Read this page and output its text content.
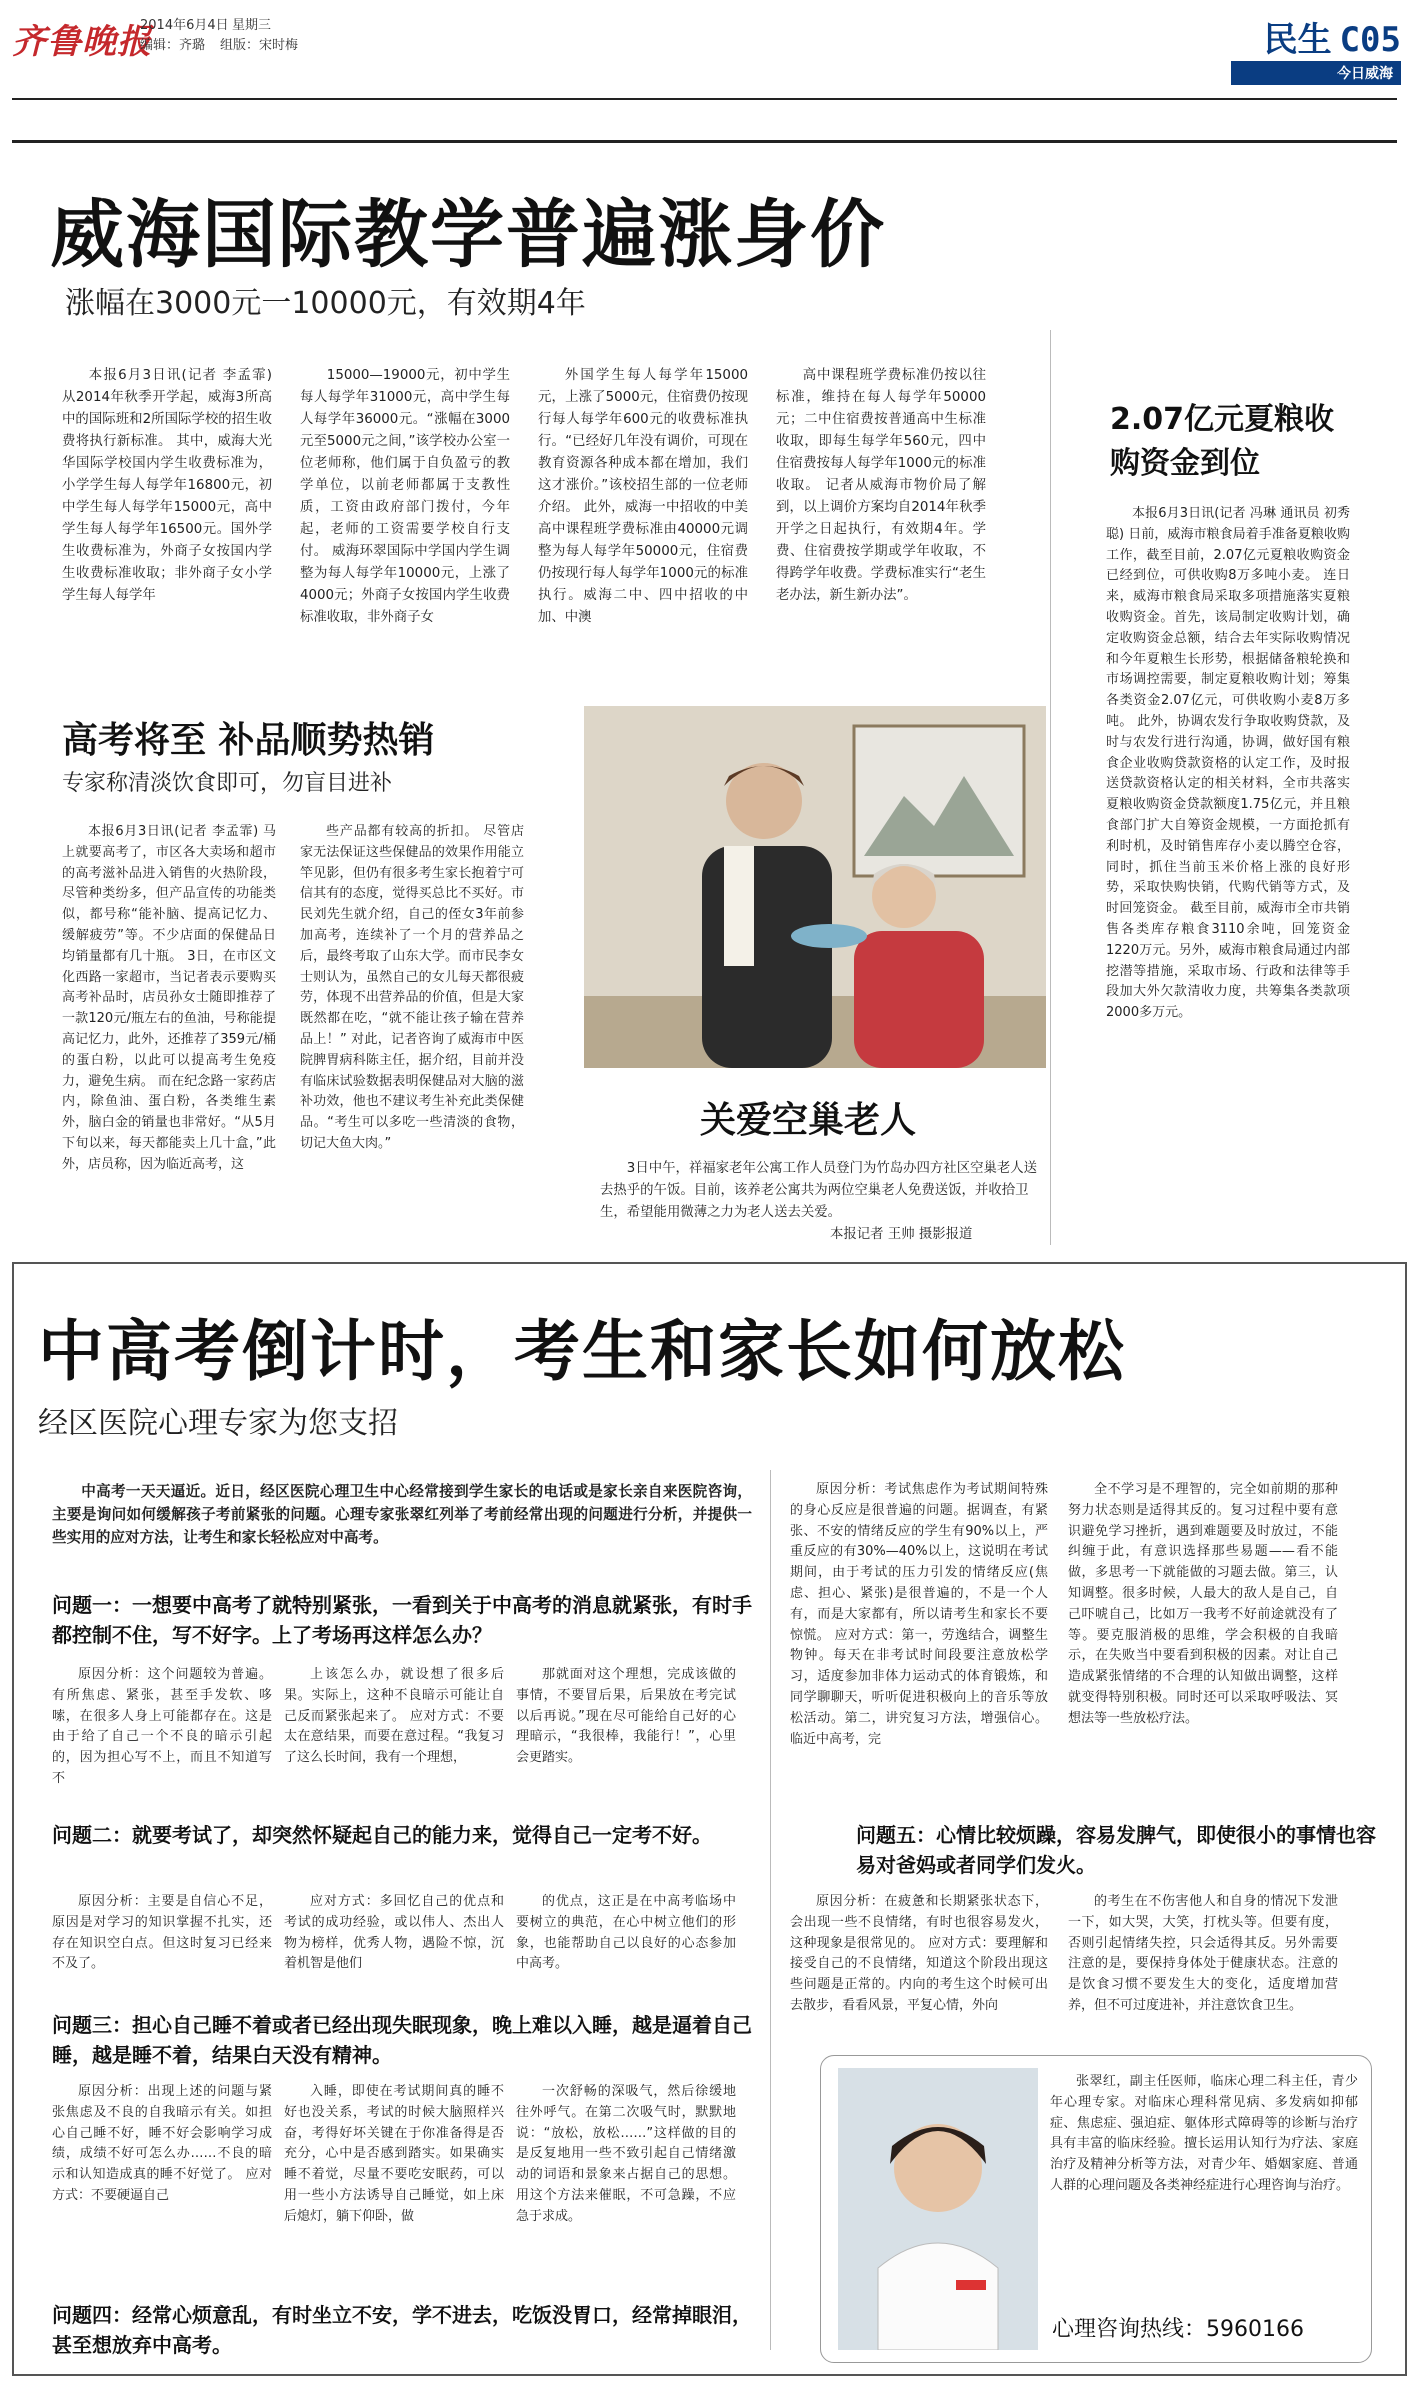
齐鲁晚报
2014年6月4日 星期三
编辑：齐璐 组版：宋时梅	民生 C05
今日威海
威海国际教学普遍涨身价
涨幅在3000元一10000元，有效期4年

本报6月3日讯(记者 李孟霏) 从2014年秋季开学起，威海3所高中的国际班和2所国际学校的招生收费将执行新标准。 其中，威海大光华国际学校国内学生收费标准为，小学学生每人每学年16800元，初中学生每人每学年15000元，高中学生每人每学年16500元。国外学生收费标准为，外商子女按国内学生收费标准收取；非外商子女小学学生每人每学年

15000—19000元，初中学生每人每学年31000元，高中学生每人每学年36000元。“涨幅在3000元至5000元之间，”该学校办公室一位老师称，他们属于自负盈亏的教学单位，以前老师都属于支教性质，工资由政府部门拨付，今年起，老师的工资需要学校自行支付。 威海环翠国际中学国内学生调整为每人每学年10000元，上涨了4000元；外商子女按国内学生收费标准收取，非外商子女

外国学生每人每学年15000元，上涨了5000元，住宿费仍按现行每人每学年600元的收费标准执行。“已经好几年没有调价，可现在教育资源各种成本都在增加，我们这才涨价。”该校招生部的一位老师介绍。 此外，威海一中招收的中美高中课程班学费标准由40000元调整为每人每学年50000元，住宿费仍按现行每人每学年1000元的标准执行。威海二中、四中招收的中加、中澳

高中课程班学费标准仍按以往标准，维持在每人每学年50000元；二中住宿费按普通高中生标准收取，即每生每学年560元，四中住宿费按每人每学年1000元的标准收取。 记者从威海市物价局了解到，以上调价方案均自2014年秋季开学之日起执行，有效期4年。学费、住宿费按学期或学年收取，不得跨学年收费。学费标准实行“老生老办法，新生新办法”。

2.07亿元夏粮收购资金到位

本报6月3日讯(记者 冯琳 通讯员 初秀聪) 日前，威海市粮食局着手准备夏粮收购工作，截至目前，2.07亿元夏粮收购资金已经到位，可供收购8万多吨小麦。 连日来，威海市粮食局采取多项措施落实夏粮收购资金。首先，该局制定收购计划，确定收购资金总额，结合去年实际收购情况和今年夏粮生长形势，根据储备粮轮换和市场调控需要，制定夏粮收购计划；筹集各类资金2.07亿元，可供收购小麦8万多吨。 此外，协调农发行争取收购贷款，及时与农发行进行沟通，协调，做好国有粮食企业收购贷款资格的认定工作，及时报送贷款资格认定的相关材料，全市共落实夏粮收购资金贷款额度1.75亿元，并且粮食部门扩大自筹资金规模，一方面抢抓有利时机，及时销售库存小麦以腾空仓容，同时，抓住当前玉米价格上涨的良好形势，采取快购快销，代购代销等方式，及时回笼资金。 截至目前，威海市全市共销售各类库存粮食3110余吨，回笼资金1220万元。另外，威海市粮食局通过内部挖潜等措施，采取市场、行政和法律等手段加大外欠款清收力度，共筹集各类款项2000多万元。

高考将至 补品顺势热销
专家称清淡饮食即可，勿盲目进补

本报6月3日讯(记者 李孟霏) 马上就要高考了，市区各大卖场和超市的高考滋补品进入销售的火热阶段，尽管种类纷多，但产品宣传的功能类似，都号称“能补脑、提高记忆力、缓解疲劳”等。不少店面的保健品日均销量都有几十瓶。 3日，在市区文化西路一家超市，当记者表示要购买高考补品时，店员孙女士随即推荐了一款120元/瓶左右的鱼油，号称能提高记忆力，此外，还推荐了359元/桶的蛋白粉，以此可以提高考生免疫力，避免生病。 而在纪念路一家药店内，除鱼油、蛋白粉，各类维生素外，脑白金的销量也非常好。“从5月下旬以来，每天都能卖上几十盒，”此外，店员称，因为临近高考，这

些产品都有较高的折扣。 尽管店家无法保证这些保健品的效果作用能立竿见影，但仍有很多考生家长抱着宁可信其有的态度，觉得买总比不买好。市民刘先生就介绍，自己的侄女3年前参加高考，连续补了一个月的营养品之后，最终考取了山东大学。而市民李女士则认为，虽然自己的女儿每天都很疲劳，体现不出营养品的价值，但是大家既然都在吃，“就不能让孩子输在营养品上！” 对此，记者咨询了威海市中医院脾胃病科陈主任，据介绍，目前并没有临床试验数据表明保健品对大脑的滋补功效，他也不建议考生补充此类保健品。“考生可以多吃一些清淡的食物，切记大鱼大肉。”

关爱空巢老人
3日中午，祥福家老年公寓工作人员登门为竹岛办四方社区空巢老人送去热乎的午饭。目前，该养老公寓共为两位空巢老人免费送饭，并收拾卫生，希望能用微薄之力为老人送去关爱。
本报记者 王帅 摄影报道
中高考倒计时，考生和家长如何放松
经区医院心理专家为您支招

中高考一天天逼近。近日，经区医院心理卫生中心经常接到学生家长的电话或是家长亲自来医院咨询，主要是询问如何缓解孩子考前紧张的问题。心理专家张翠红列举了考前经常出现的问题进行分析，并提供一些实用的应对方法，让考生和家长轻松应对中高考。

问题一：一想要中高考了就特别紧张，一看到关于中高考的消息就紧张，有时手都控制不住，写不好字。上了考场再这样怎么办？

原因分析：这个问题较为普遍。有所焦虑、紧张，甚至手发软、哆嗦，在很多人身上可能都存在。这是由于给了自己一个不良的暗示引起的，因为担心写不上，而且不知道写不

上该怎么办，就设想了很多后果。实际上，这种不良暗示可能让自己反而紧张起来了。 应对方式：不要太在意结果，而要在意过程。“我复习了这么长时间，我有一个理想，

那就面对这个理想，完成该做的事情，不要冒后果，后果放在考完试以后再说。”现在尽可能给自己好的心理暗示，“我很棒，我能行！”，心里会更踏实。

问题二：就要考试了，却突然怀疑起自己的能力来，觉得自己一定考不好。

原因分析：主要是自信心不足，原因是对学习的知识掌握不扎实，还存在知识空白点。但这时复习已经来不及了。

应对方式：多回忆自己的优点和考试的成功经验，或以伟人、杰出人物为榜样，优秀人物，遇险不惊，沉着机智是他们

的优点，这正是在中高考临场中要树立的典范，在心中树立他们的形象，也能帮助自己以良好的心态参加中高考。

问题三：担心自己睡不着或者已经出现失眠现象，晚上难以入睡，越是逼着自己睡，越是睡不着，结果白天没有精神。

原因分析：出现上述的问题与紧张焦虑及不良的自我暗示有关。如担心自己睡不好，睡不好会影响学习成绩，成绩不好可怎么办……不良的暗示和认知造成真的睡不好觉了。 应对方式：不要硬逼自己

入睡，即使在考试期间真的睡不好也没关系，考试的时候大脑照样兴奋，考得好坏关键在于你准备得是否充分，心中是否感到踏实。如果确实睡不着觉，尽量不要吃安眠药，可以用一些小方法诱导自己睡觉，如上床后熄灯，躺下仰卧，做

一次舒畅的深吸气，然后徐缓地往外呼气。在第二次吸气时，默默地说：“放松，放松……”这样做的目的是反复地用一些不致引起自己情绪激动的词语和景象来占据自己的思想。用这个方法来催眠，不可急躁，不应急于求成。

问题四：经常心烦意乱，有时坐立不安，学不进去，吃饭没胃口，经常掉眼泪，甚至想放弃中高考。

原因分析：考试焦虑作为考试期间特殊的身心反应是很普遍的问题。据调查，有紧张、不安的情绪反应的学生有90%以上，严重反应的有30%—40%以上，这说明在考试期间，由于考试的压力引发的情绪反应(焦虑、担心、紧张)是很普遍的，不是一个人有，而是大家都有，所以请考生和家长不要惊慌。 应对方式：第一，劳逸结合，调整生物钟。每天在非考试时间段要注意放松学习，适度参加非体力运动式的体育锻炼，和同学聊聊天，听听促进积极向上的音乐等放松活动。第二，讲究复习方法，增强信心。临近中高考，完

全不学习是不理智的，完全如前期的那种努力状态则是适得其反的。复习过程中要有意识避免学习挫折，遇到难题要及时放过，不能纠缠于此，有意识选择那些易题——看不能做，多思考一下就能做的习题去做。第三，认知调整。很多时候，人最大的敌人是自己，自己吓唬自己，比如万一我考不好前途就没有了等。要克服消极的思维，学会积极的自我暗示，在失败当中要看到积极的因素。对让自己造成紧张情绪的不合理的认知做出调整，这样就变得特别积极。同时还可以采取呼吸法、冥想法等一些放松疗法。

问题五：心情比较烦躁，容易发脾气，即使很小的事情也容易对爸妈或者同学们发火。

原因分析：在疲惫和长期紧张状态下，会出现一些不良情绪，有时也很容易发火，这种现象是很常见的。 应对方式：要理解和接受自己的不良情绪，知道这个阶段出现这些问题是正常的。内向的考生这个时候可出去散步，看看风景，平复心情，外向

的考生在不伤害他人和自身的情况下发泄一下，如大哭，大笑，打枕头等。但要有度，否则引起情绪失控，只会适得其反。另外需要注意的是，要保持身体处于健康状态。注意的是饮食习惯不要发生大的变化，适度增加营养，但不可过度进补，并注意饮食卫生。

张翠红，副主任医师，临床心理二科主任，青少年心理专家。对临床心理科常见病、多发病如抑郁症、焦虑症、强迫症、躯体形式障碍等的诊断与治疗具有丰富的临床经验。擅长运用认知行为疗法、家庭治疗及精神分析等方法，对青少年、婚姻家庭、普通人群的心理问题及各类神经症进行心理咨询与治疗。

心理咨询热线：5960166
